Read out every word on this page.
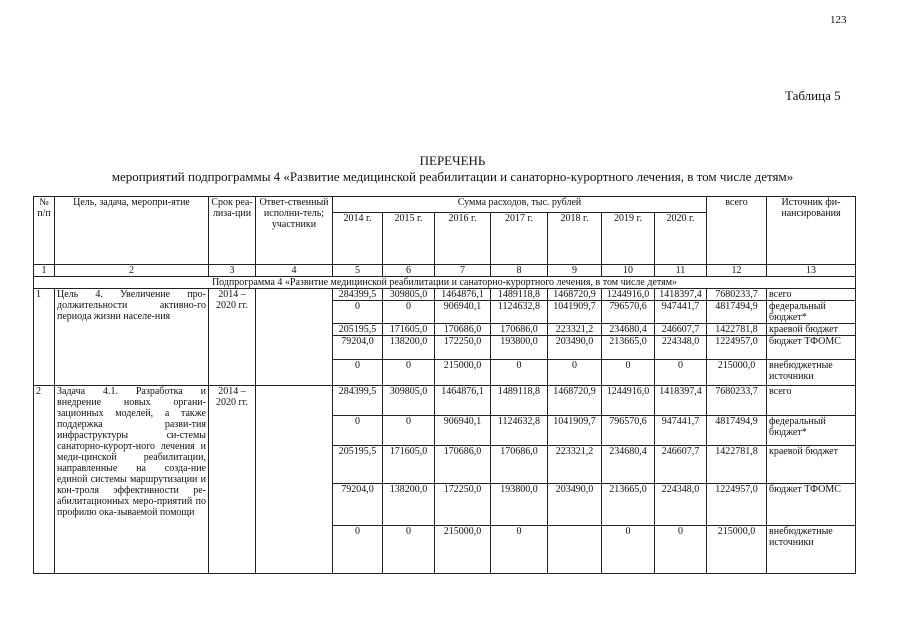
123
Таблица 5
ПЕРЕЧЕНЬ
мероприятий подпрограммы 4 «Развитие медицинской реабилитации и санаторно-курортного лечения, в том числе детям»
№ п/п	Цель, задача, меропри-ятие	Срок реа-лиза-ции	Ответ-ственный исполни-тель; участники	Сумма расходов, тыс. рублей							всего	Источник фи-нансирования
				2014 г.	2015 г.	2016 г.	2017 г.	2018 г.	2019 г.	2020 г.		
1	2	3	4	5	6	7	8	9	10	11	12	13
Подпрограмма 4 «Развитие медицинской реабилитации и санаторно-курортного лечения, в том числе детям»												
1	Цель 4. Увеличение про-должительности активно-го периода жизни населе-ния	2014 – 2020 гг.		284399,5	309805,0	1464876,1	1489118,8	1468720,9	1244916,0	1418397,4	7680233,7	всего
				0	0	906940,1	1124632,8	1041909,7	796570,6	947441,7	4817494,9	федеральный бюджет*
				205195,5	171605,0	170686,0	170686,0	223321,2	234680,4	246607,7	1422781,8	краевой бюджет
				79204,0	138200,0	172250,0	193800,0	203490,0	213665,0	224348,0	1224957,0	бюджет ТФОМС
				0	0	215000,0	0	0	0	0	215000,0	внебюджетные источники
2	Задача 4.1. Разработка и внедрение новых органи-зационных моделей, а также поддержка разви-тия инфраструктуры си-стемы санаторно-курорт-ного лечения и меди-цинской реабилитации, направленные на созда-ние единой системы маршрутизации и кон-троля эффективности ре-абилитационных меро-приятий по профилю ока-зываемой помощи	2014 – 2020 гг.		284399,5	309805,0	1464876,1	1489118,8	1468720,9	1244916,0	1418397,4	7680233,7	всего
				0	0	906940,1	1124632,8	1041909,7	796570,6	947441,7	4817494,9	федеральный бюджет*
				205195,5	171605,0	170686,0	170686,0	223321,2	234680,4	246607,7	1422781,8	краевой бюджет
				79204,0	138200,0	172250,0	193800,0	203490,0	213665,0	224348,0	1224957,0	бюджет ТФОМС
				0	0	215000,0	0		0	0	215000,0	внебюджетные источники
